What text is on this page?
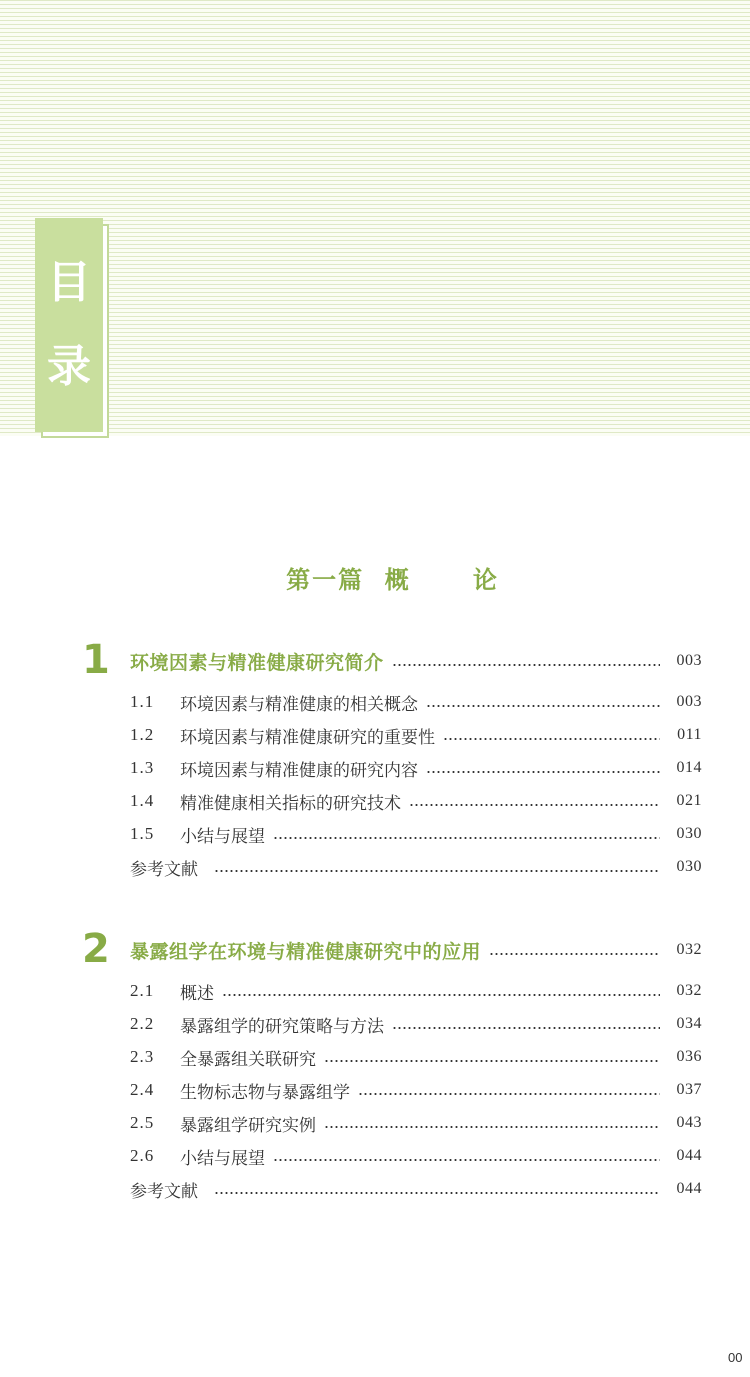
目
录
第一篇  概      论
1 环境因素与精准健康研究简介	003
1.1	环境因素与精准健康的相关概念	003
1.2	环境因素与精准健康研究的重要性	011
1.3	环境因素与精准健康的研究内容	014
1.4	精准健康相关指标的研究技术	021
1.5	小结与展望	030
参考文献	030
2 暴露组学在环境与精准健康研究中的应用	032
2.1	概述	032
2.2	暴露组学的研究策略与方法	034
2.3	全暴露组关联研究	036
2.4	生物标志物与暴露组学	037
2.5	暴露组学研究实例	043
2.6	小结与展望	044
参考文献	044
00
